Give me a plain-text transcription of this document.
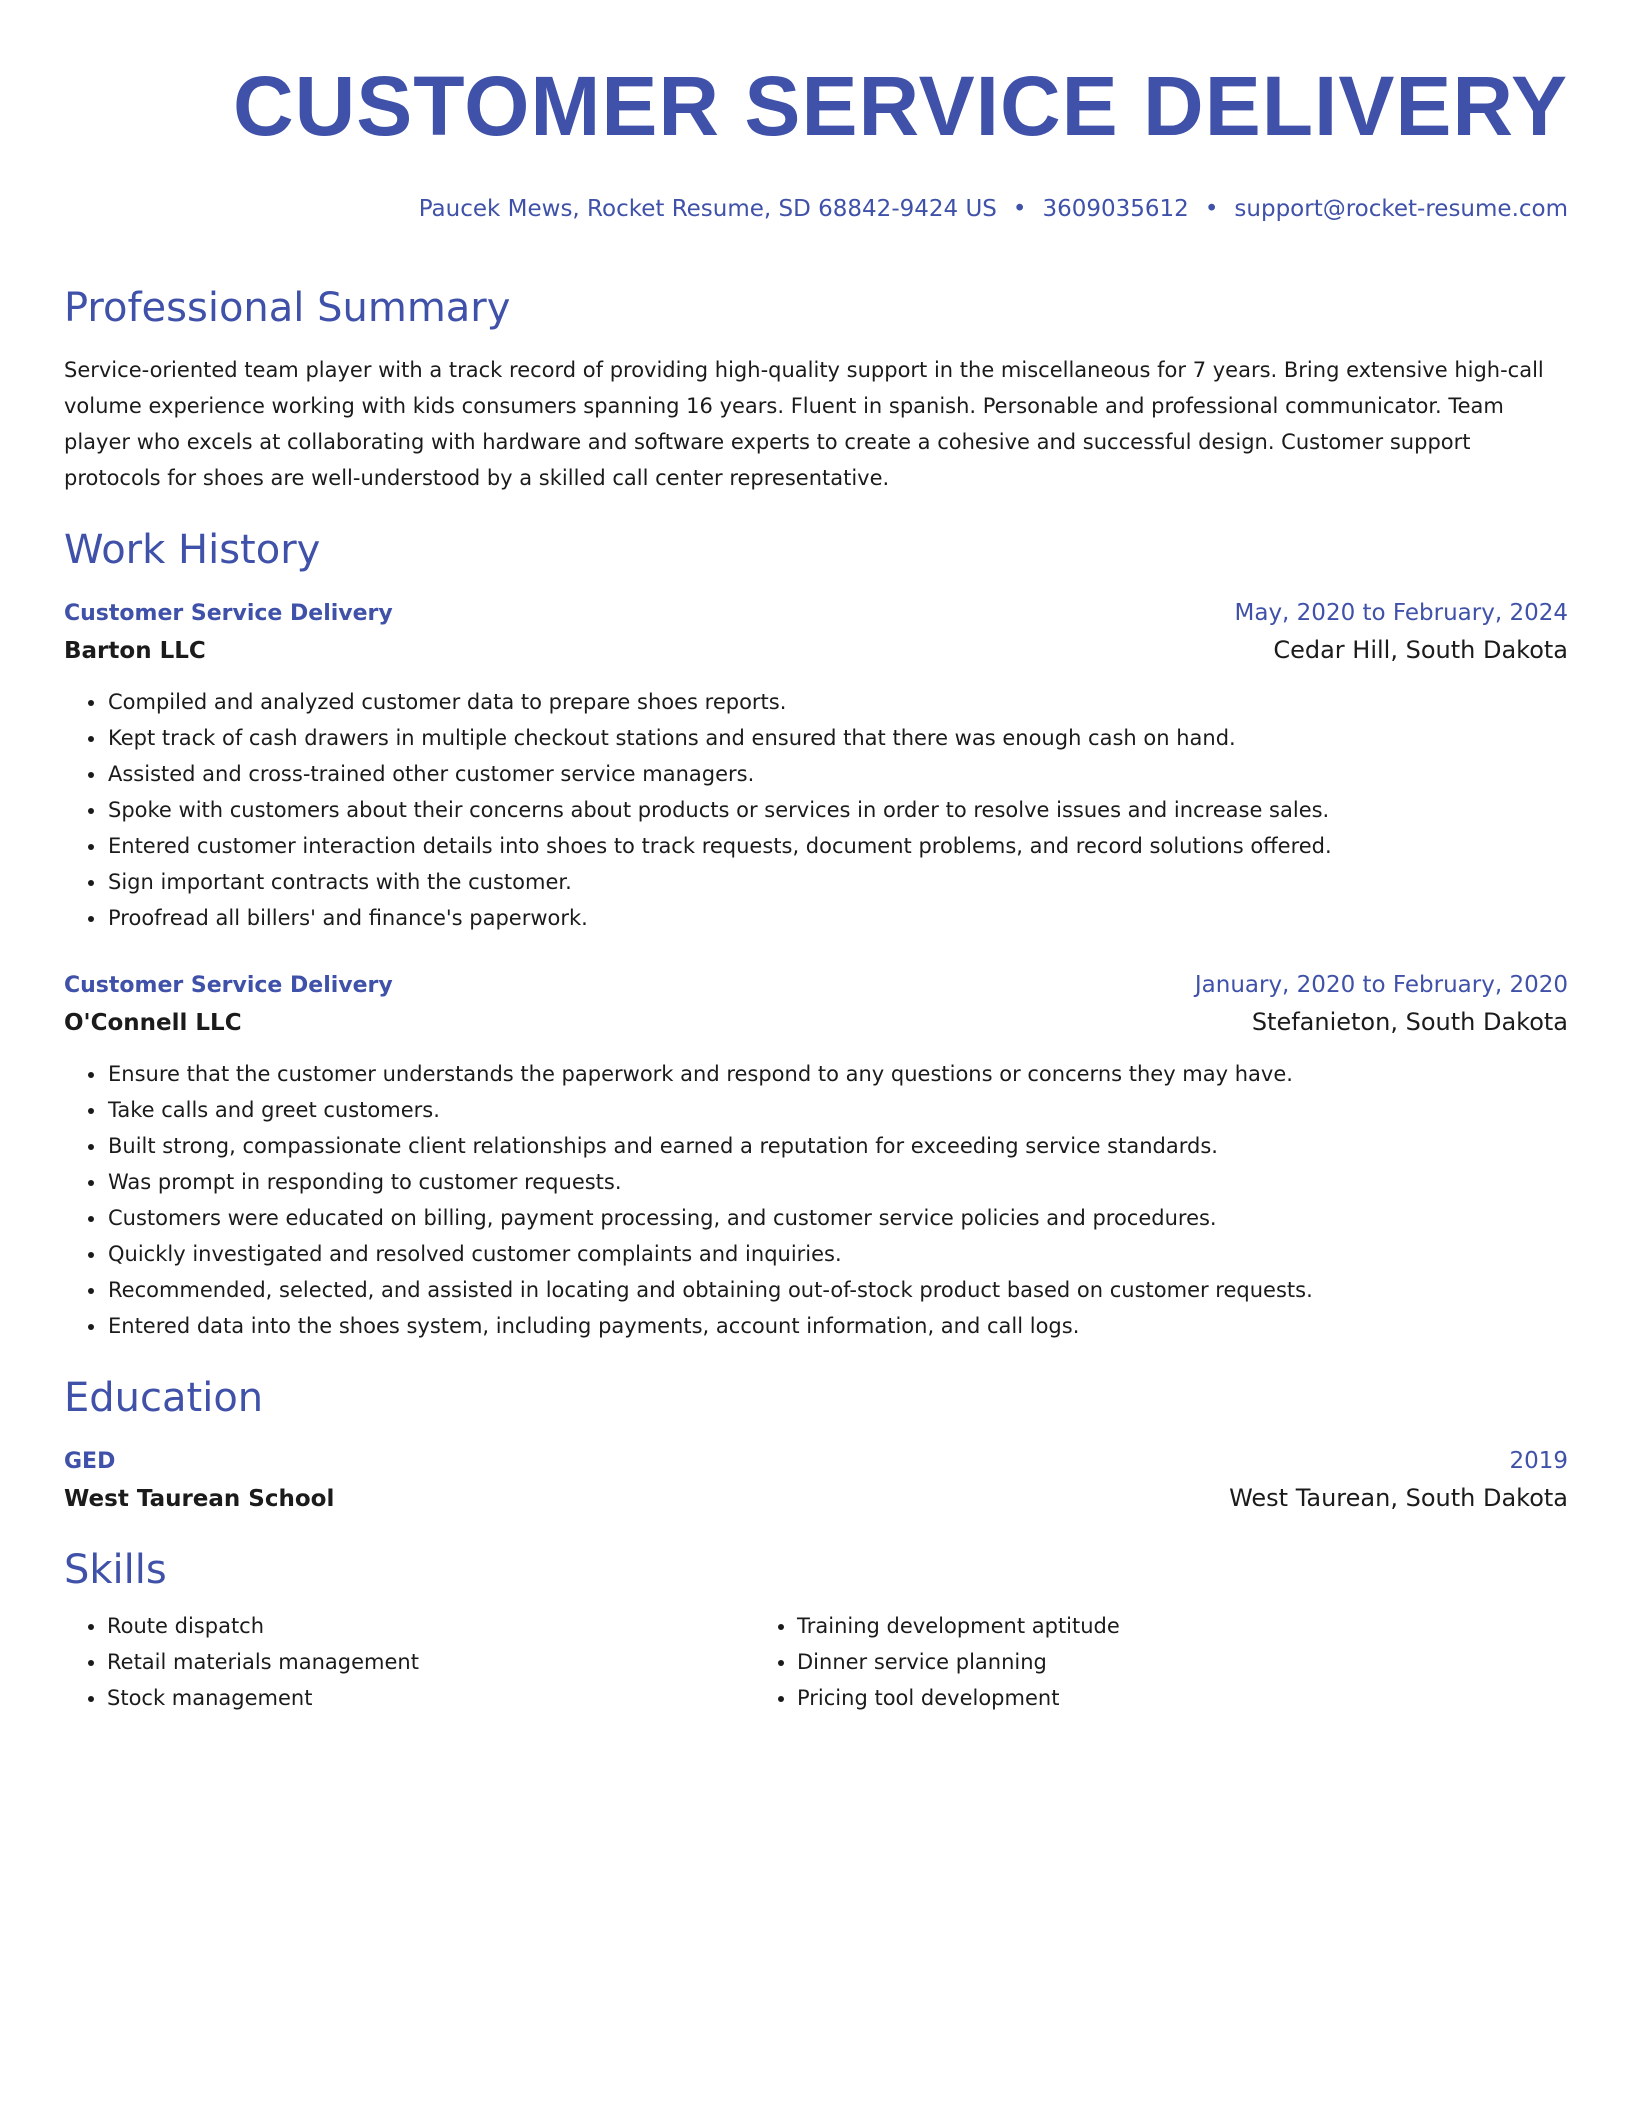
CUSTOMER SERVICE DELIVERY
Paucek Mews, Rocket Resume, SD 68842-9424 US • 3609035612 • support@rocket-resume.com
Professional Summary

Service-oriented team player with a track record of providing high-quality support in the miscellaneous for 7 years. Bring extensive high-call volume experience working with kids consumers spanning 16 years. Fluent in spanish. Personable and professional communicator. Team player who excels at collaborating with hardware and software experts to create a cohesive and successful design. Customer support protocols for shoes are well-understood by a skilled call center representative.

Work History
Customer Service Delivery	May, 2020 to February, 2024
Barton LLC	Cedar Hill, South Dakota
• Compiled and analyzed customer data to prepare shoes reports.
• Kept track of cash drawers in multiple checkout stations and ensured that there was enough cash on hand.
• Assisted and cross-trained other customer service managers.
• Spoke with customers about their concerns about products or services in order to resolve issues and increase sales.
• Entered customer interaction details into shoes to track requests, document problems, and record solutions offered.
• Sign important contracts with the customer.
• Proofread all billers' and finance's paperwork.
Customer Service Delivery	January, 2020 to February, 2020
O'Connell LLC	Stefanieton, South Dakota
• Ensure that the customer understands the paperwork and respond to any questions or concerns they may have.
• Take calls and greet customers.
• Built strong, compassionate client relationships and earned a reputation for exceeding service standards.
• Was prompt in responding to customer requests.
• Customers were educated on billing, payment processing, and customer service policies and procedures.
• Quickly investigated and resolved customer complaints and inquiries.
• Recommended, selected, and assisted in locating and obtaining out-of-stock product based on customer requests.
• Entered data into the shoes system, including payments, account information, and call logs.
Education
GED	2019
West Taurean School	West Taurean, South Dakota
Skills
• Route dispatch
• Retail materials management
• Stock management
• Training development aptitude
• Dinner service planning
• Pricing tool development
